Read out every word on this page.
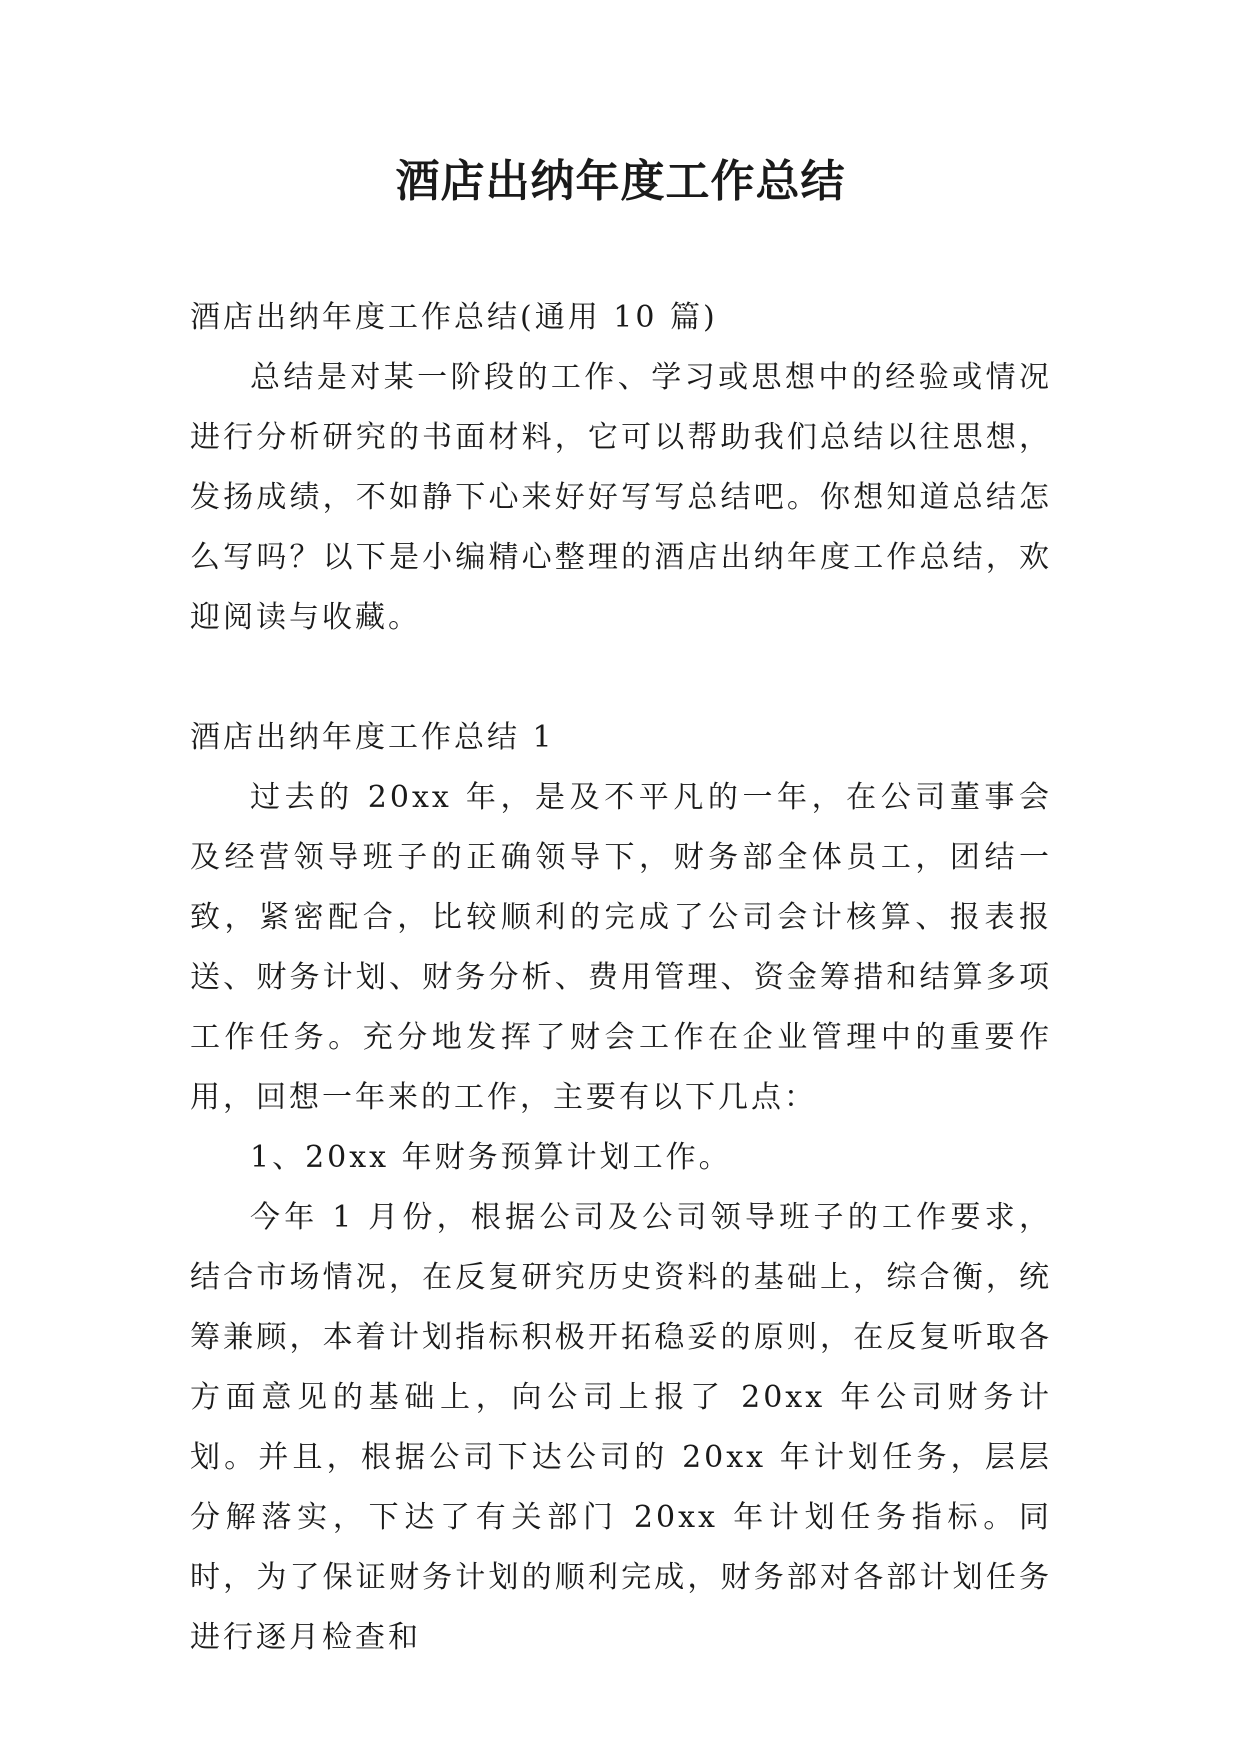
酒店出纳年度工作总结

酒店出纳年度工作总结(通用 10 篇)

总结是对某一阶段的工作、学习或思想中的经验或情况进行分析研究的书面材料，它可以帮助我们总结以往思想，发扬成绩，不如静下心来好好写写总结吧。你想知道总结怎么写吗？以下是小编精心整理的酒店出纳年度工作总结，欢迎阅读与收藏。

酒店出纳年度工作总结 1

过去的 20xx 年，是及不平凡的一年，在公司董事会及经营领导班子的正确领导下，财务部全体员工，团结一致，紧密配合，比较顺利的完成了公司会计核算、报表报送、财务计划、财务分析、费用管理、资金筹措和结算多项工作任务。充分地发挥了财会工作在企业管理中的重要作用，回想一年来的工作，主要有以下几点：

1、20xx 年财务预算计划工作。

今年 1 月份，根据公司及公司领导班子的工作要求，结合市场情况，在反复研究历史资料的基础上，综合衡，统筹兼顾，本着计划指标积极开拓稳妥的原则，在反复听取各方面意见的基础上，向公司上报了 20xx 年公司财务计划。并且，根据公司下达公司的 20xx 年计划任务，层层分解落实，下达了有关部门 20xx 年计划任务指标。同时，为了保证财务计划的顺利完成，财务部对各部计划任务进行逐月检查和
